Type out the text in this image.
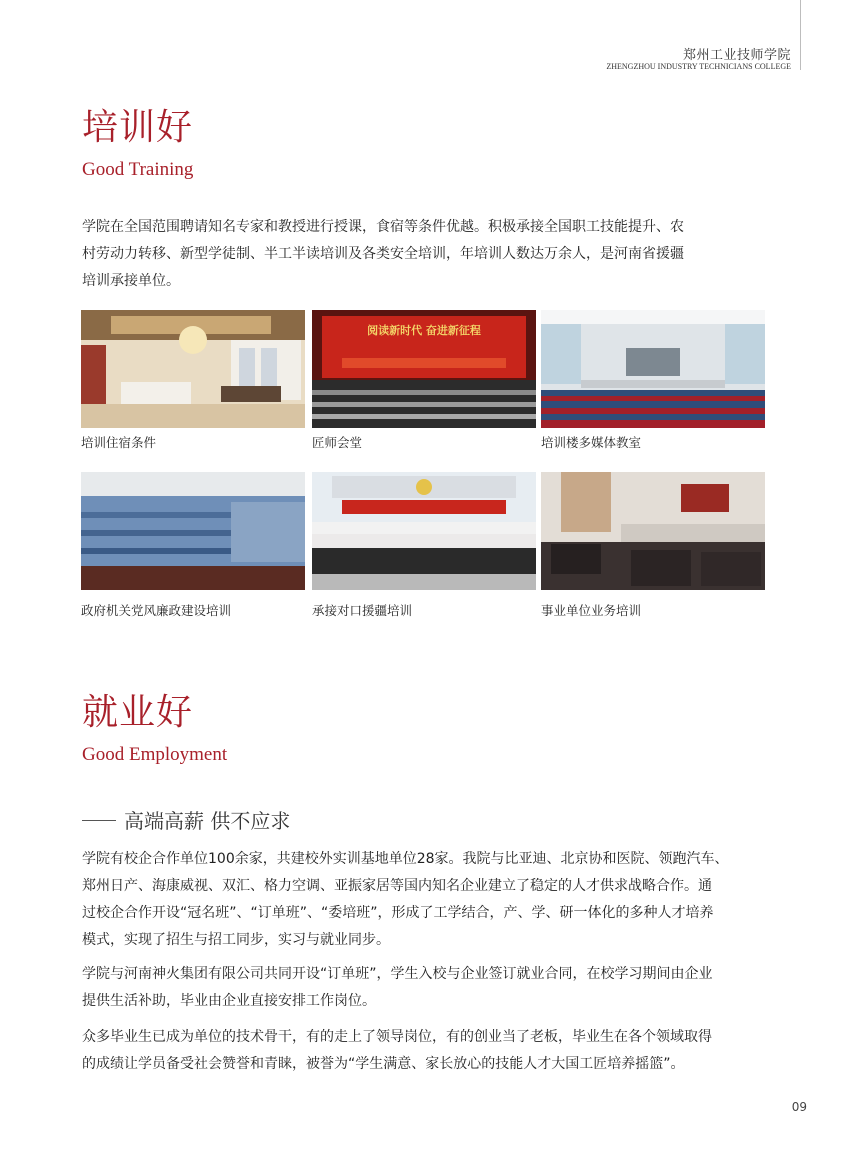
郑州工业技师学院
ZHENGZHOU INDUSTRY TECHNICIANS COLLEGE
培训好
Good Training

学院在全国范围聘请知名专家和教授进行授课，食宿等条件优越。积极承接全国职工技能提升、农
村劳动力转移、新型学徒制、半工半读培训及各类安全培训，年培训人数达万余人，是河南省援疆
培训承接单位。

培训住宿条件
阅读新时代 奋进新征程
匠师会堂	培训楼多媒体教室
政府机关党风廉政建设培训	承接对口援疆培训	事业单位业务培训
就业好
Good Employment
高端高薪 供不应求

学院有校企合作单位100余家，共建校外实训基地单位28家。我院与比亚迪、北京协和医院、领跑汽车、
郑州日产、海康威视、双汇、格力空调、亚振家居等国内知名企业建立了稳定的人才供求战略合作。通
过校企合作开设“冠名班”、“订单班”、“委培班”，形成了工学结合，产、学、研一体化的多种人才培养
模式，实现了招生与招工同步，实习与就业同步。

学院与河南神火集团有限公司共同开设“订单班”，学生入校与企业签订就业合同，在校学习期间由企业
提供生活补助，毕业由企业直接安排工作岗位。

众多毕业生已成为单位的技术骨干，有的走上了领导岗位，有的创业当了老板，毕业生在各个领域取得
的成绩让学员备受社会赞誉和青睐，被誉为“学生满意、家长放心的技能人才大国工匠培养摇篮”。

09
